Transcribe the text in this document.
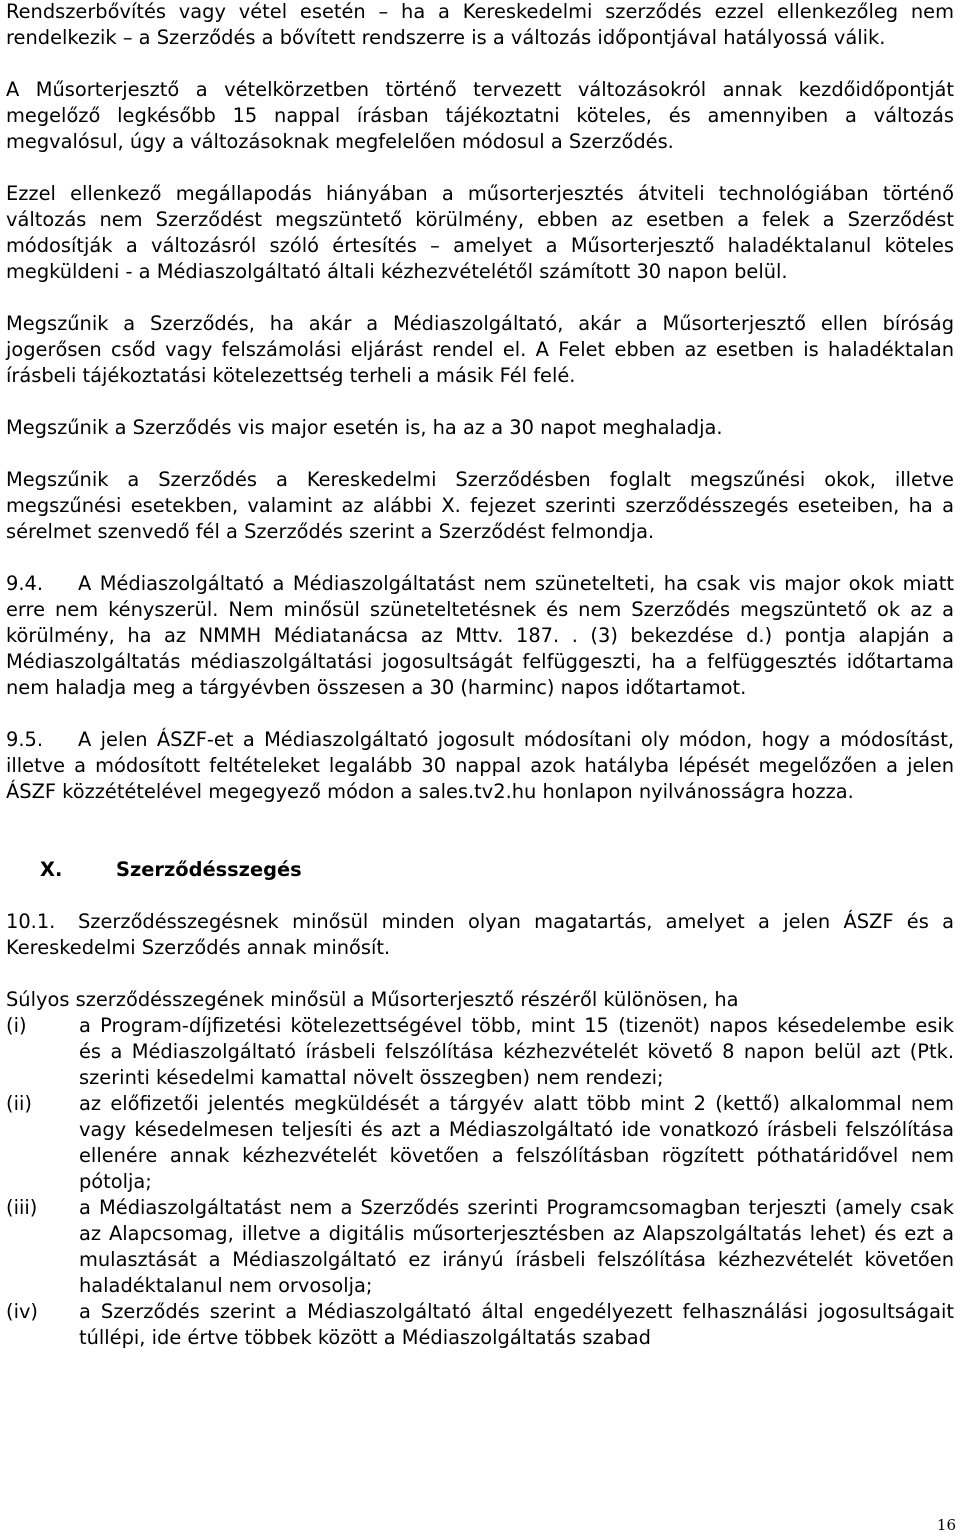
Rendszerbővítés vagy vétel esetén – ha a Kereskedelmi szerződés ezzel ellenkezőleg nem rendelkezik – a Szerződés a bővített rendszerre is a változás időpontjával hatályossá válik.

A Műsorterjesztő a vételkörzetben történő tervezett változásokról annak kezdőidőpontját megelőző legkésőbb 15 nappal írásban tájékoztatni köteles, és amennyiben a változás megvalósul, úgy a változásoknak megfelelően módosul a Szerződés.

Ezzel ellenkező megállapodás hiányában a műsorterjesztés átviteli technológiában történő változás nem Szerződést megszüntető körülmény, ebben az esetben a felek a Szerződést módosítják a változásról szóló értesítés – amelyet a Műsorterjesztő haladéktalanul köteles megküldeni - a Médiaszolgáltató általi kézhezvételétől számított 30 napon belül.

Megszűnik a Szerződés, ha akár a Médiaszolgáltató, akár a Műsorterjesztő ellen bíróság jogerősen csőd vagy felszámolási eljárást rendel el. A Felet ebben az esetben is haladéktalan írásbeli tájékoztatási kötelezettség terheli a másik Fél felé.

Megszűnik a Szerződés vis major esetén is, ha az a 30 napot meghaladja.

Megszűnik a Szerződés a Kereskedelmi Szerződésben foglalt megszűnési okok, illetve megszűnési esetekben, valamint az alábbi X. fejezet szerinti szerződésszegés eseteiben, ha a sérelmet szenvedő fél a Szerződés szerint a Szerződést felmondja.

9.4. A Médiaszolgáltató a Médiaszolgáltatást nem szünetelteti, ha csak vis major okok miatt erre nem kényszerül. Nem minősül szüneteltetésnek és nem Szerződés megszüntető ok az a körülmény, ha az NMMH Médiatanácsa az Mttv. 187. . (3) bekezdése d.) pontja alapján a Médiaszolgáltatás médiaszolgáltatási jogosultságát felfüggeszti, ha a felfüggesztés időtartama nem haladja meg a tárgyévben összesen a 30 (harminc) napos időtartamot.

9.5. A jelen ÁSZF-et a Médiaszolgáltató jogosult módosítani oly módon, hogy a módosítást, illetve a módosított feltételeket legalább 30 nappal azok hatályba lépését megelőzően a jelen ÁSZF közzétételével megegyező módon a sales.tv2.hu honlapon nyilvánosságra hozza.

X.	Szerződésszegés

10.1. Szerződésszegésnek minősül minden olyan magatartás, amelyet a jelen ÁSZF és a Kereskedelmi Szerződés annak minősít.

Súlyos szerződésszegének minősül a Műsorterjesztő részéről különösen, ha

(i)	a Program-díjfizetési kötelezettségével több, mint 15 (tizenöt) napos késedelembe esik és a Médiaszolgáltató írásbeli felszólítása kézhezvételét követő 8 napon belül azt (Ptk. szerinti késedelmi kamattal növelt összegben) nem rendezi;
(ii)	az előfizetői jelentés megküldését a tárgyév alatt több mint 2 (kettő) alkalommal nem vagy késedelmesen teljesíti és azt a Médiaszolgáltató ide vonatkozó írásbeli felszólítása ellenére annak kézhezvételét követően a felszólításban rögzített póthatáridővel nem pótolja;
(iii)	a Médiaszolgáltatást nem a Szerződés szerinti Programcsomagban terjeszti (amely csak az Alapcsomag, illetve a digitális műsorterjesztésben az Alapszolgáltatás lehet) és ezt a mulasztását a Médiaszolgáltató ez irányú írásbeli felszólítása kézhezvételét követően haladéktalanul nem orvosolja;
(iv)	a Szerződés szerint a Médiaszolgáltató által engedélyezett felhasználási jogosultságait túllépi, ide értve többek között a Médiaszolgáltatás szabad
16
